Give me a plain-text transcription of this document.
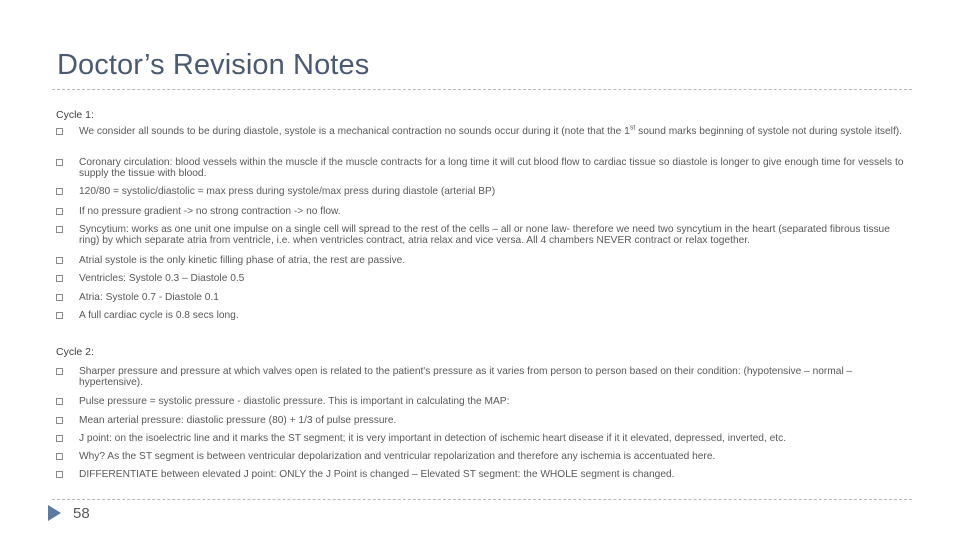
Doctor’s Revision Notes
Cycle 1:
We consider all sounds to be during diastole, systole is a mechanical contraction no sounds occur during it (note that the 1st sound marks beginning of systole not during systole itself).
Coronary circulation: blood vessels within the muscle if the muscle contracts for a long time it will cut blood flow to cardiac tissue so diastole is longer to give enough time for vessels to supply the tissue with blood.
120/80 = systolic/diastolic = max press during systole/max press during diastole (arterial BP)
If no pressure gradient -> no strong contraction -> no flow.
Syncytium: works as one unit one impulse on a single cell will spread to the rest of the cells – all or none law- therefore we need two syncytium in the heart (separated fibrous tissue ring) by which separate atria from ventricle, i.e. when ventricles contract, atria relax and vice versa. All 4 chambers NEVER contract or relax together.
Atrial systole is the only kinetic filling phase of atria, the rest are passive.
Ventricles: Systole 0.3 – Diastole 0.5
Atria: Systole 0.7 - Diastole 0.1
A full cardiac cycle is 0.8 secs long.
Cycle 2:
Sharper pressure and pressure at which valves open is related to the patient's pressure as it varies from person to person based on their condition: (hypotensive – normal – hypertensive).
Pulse pressure = systolic pressure - diastolic pressure. This is important in calculating the MAP:
Mean arterial pressure: diastolic pressure (80) + 1/3 of pulse pressure.
J point: on the isoelectric line and it marks the ST segment; it is very important in detection of ischemic heart disease if it it elevated, depressed, inverted, etc.
Why? As the ST segment is between ventricular depolarization and ventricular repolarization and therefore any ischemia is accentuated here.
DIFFERENTIATE between elevated J point: ONLY the J Point is changed – Elevated ST segment: the WHOLE segment is changed.
58
